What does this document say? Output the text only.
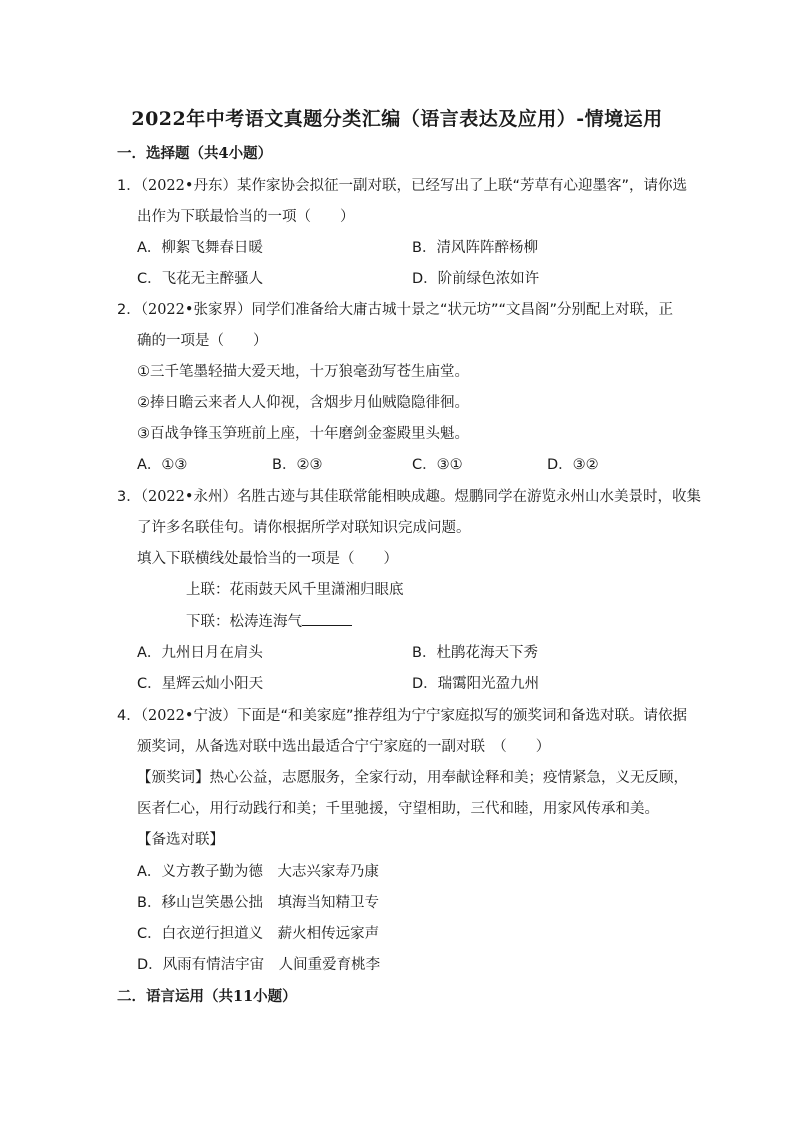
2022年中考语文真题分类汇编（语言表达及应用）-情境运用
一．选择题（共4小题）
1．（2022•丹东）某作家协会拟征一副对联，已经写出了上联“芳草有心迎墨客”，请你选
出作为下联最恰当的一项（　　）
A．柳絮飞舞春日暖	B．清风阵阵醉杨柳
C．飞花无主醉骚人	D．阶前绿色浓如许
2．（2022•张家界）同学们准备给大庸古城十景之“状元坊”“文昌阁”分别配上对联，正
确的一项是（　　）
①三千笔墨轻描大爱天地，十万狼毫劲写苍生庙堂。
②捧日瞻云来者人人仰视，含烟步月仙贼隐隐徘徊。
③百战争锋玉笋班前上座，十年磨剑金銮殿里头魁。
A．①③	B．②③	C．③①	D．③②
3．（2022•永州）名胜古迹与其佳联常能相映成趣。煜鹏同学在游览永州山水美景时，收集
了许多名联佳句。请你根据所学对联知识完成问题。
填入下联横线处最恰当的一项是（　　）
上联：花雨鼓天风千里潇湘归眼底
下联：松涛连海气
A．九州日月在肩头	B．杜鹃花海天下秀
C．星辉云灿小阳天	D．瑞霭阳光盈九州
4．（2022•宁波）下面是“和美家庭”推荐组为宁宁家庭拟写的颁奖词和备选对联。请依据
颁奖词，从备选对联中选出最适合宁宁家庭的一副对联　（　　）
【颁奖词】热心公益，志愿服务，全家行动，用奉献诠释和美；疫情紧急，义无反顾，
医者仁心，用行动践行和美；千里驰援，守望相助，三代和睦，用家风传承和美。
【备选对联】
A．义方教子勤为德　大志兴家寿乃康
B．移山岂笑愚公拙　填海当知精卫专
C．白衣逆行担道义　薪火相传远家声
D．风雨有情洁宇宙　人间重爱育桃李
二．语言运用（共11小题）
